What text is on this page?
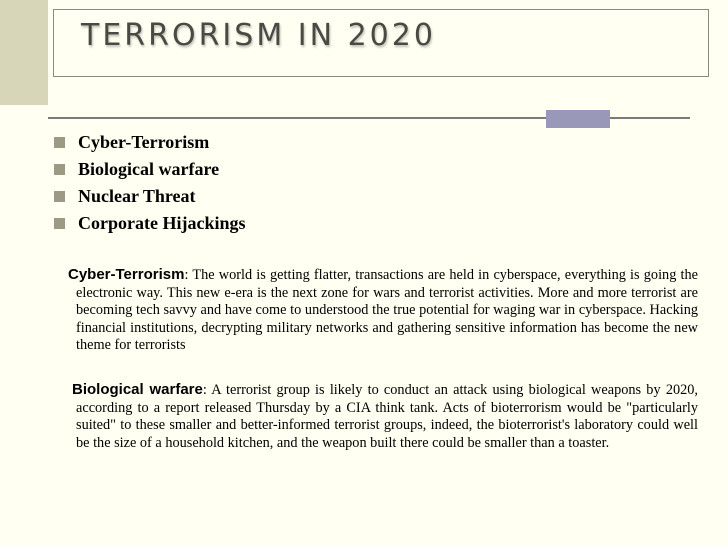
TERRORISM IN 2020
Cyber-Terrorism
Biological warfare
Nuclear Threat
Corporate Hijackings

Cyber-Terrorism: The world is getting flatter, transactions are held in cyberspace, everything is going the electronic way. This new e-era is the next zone for wars and terrorist activities. More and more terrorist are becoming tech savvy and have come to understood the true potential for waging war in cyberspace. Hacking financial institutions, decrypting military networks and gathering sensitive information has become the new theme for terrorists

Biological warfare: A terrorist group is likely to conduct an attack using biological weapons by 2020, according to a report released Thursday by a CIA think tank. Acts of bioterrorism would be "particularly suited" to these smaller and better-informed terrorist groups, indeed, the bioterrorist's laboratory could well be the size of a household kitchen, and the weapon built there could be smaller than a toaster.
